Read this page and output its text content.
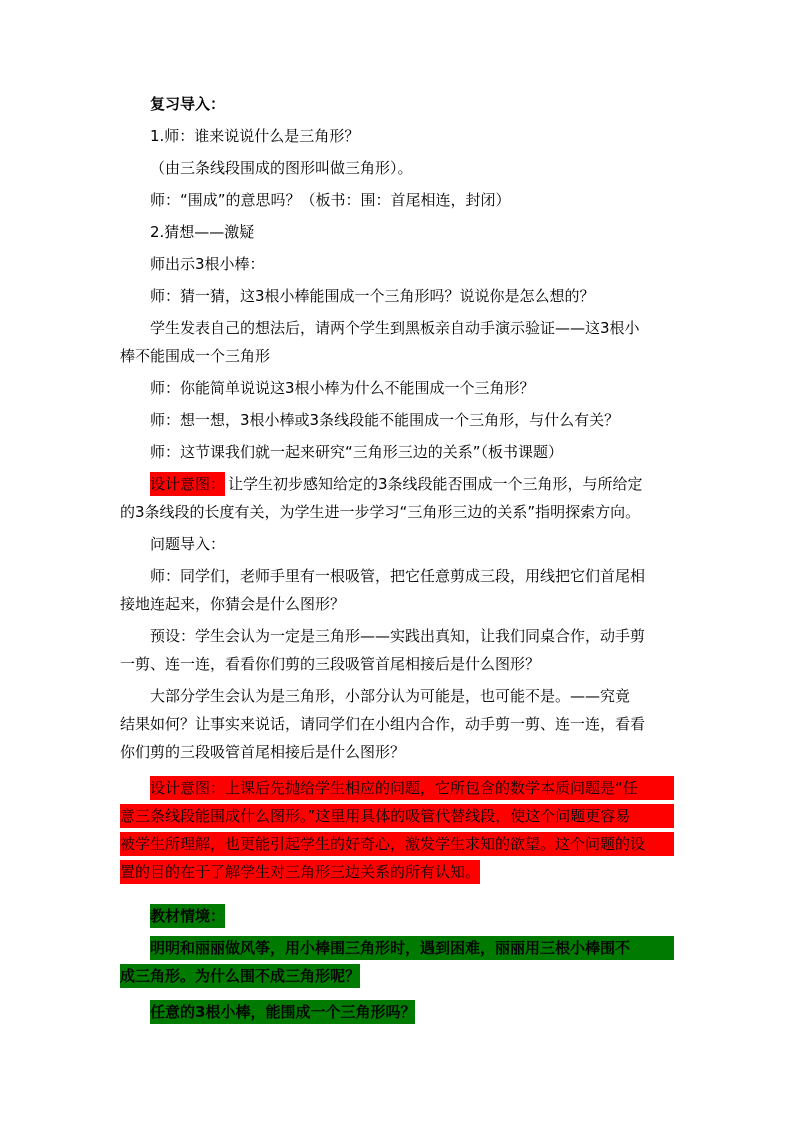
复习导入：
1.师：谁来说说什么是三角形？
（由三条线段围成的图形叫做三角形）。
师：“围成”的意思吗？（板书：围：首尾相连，封闭）
2.猜想——激疑
师出示3根小棒：
师：猜一猜，这3根小棒能围成一个三角形吗？说说你是怎么想的？
学生发表自己的想法后，请两个学生到黑板亲自动手演示验证——这3根小
棒不能围成一个三角形
师：你能简单说说这3根小棒为什么不能围成一个三角形？
师：想一想，3根小棒或3条线段能不能围成一个三角形，与什么有关？
师：这节课我们就一起来研究“三角形三边的关系”（板书课题）
设计意图： 让学生初步感知给定的3条线段能否围成一个三角形，与所给定
的3条线段的长度有关，为学生进一步学习“三角形三边的关系”指明探索方向。
问题导入：
师：同学们，老师手里有一根吸管，把它任意剪成三段，用线把它们首尾相
接地连起来，你猜会是什么图形？
预设：学生会认为一定是三角形——实践出真知，让我们同桌合作，动手剪
一剪、连一连，看看你们剪的三段吸管首尾相接后是什么图形？
大部分学生会认为是三角形，小部分认为可能是，也可能不是。——究竟
结果如何？让事实来说话，请同学们在小组内合作，动手剪一剪、连一连，看看
你们剪的三段吸管首尾相接后是什么图形？
设计意图：上课后先抛给学生相应的问题，它所包含的数学本质问题是“任
意三条线段能围成什么图形。”这里用具体的吸管代替线段，使这个问题更容易
被学生所理解，也更能引起学生的好奇心，激发学生求知的欲望。这个问题的设
置的目的在于了解学生对三角形三边关系的所有认知。
教材情境：
明明和丽丽做风筝，用小棒围三角形时，遇到困难，丽丽用三根小棒围不
成三角形。为什么围不成三角形呢？
任意的3根小棒，能围成一个三角形吗？
